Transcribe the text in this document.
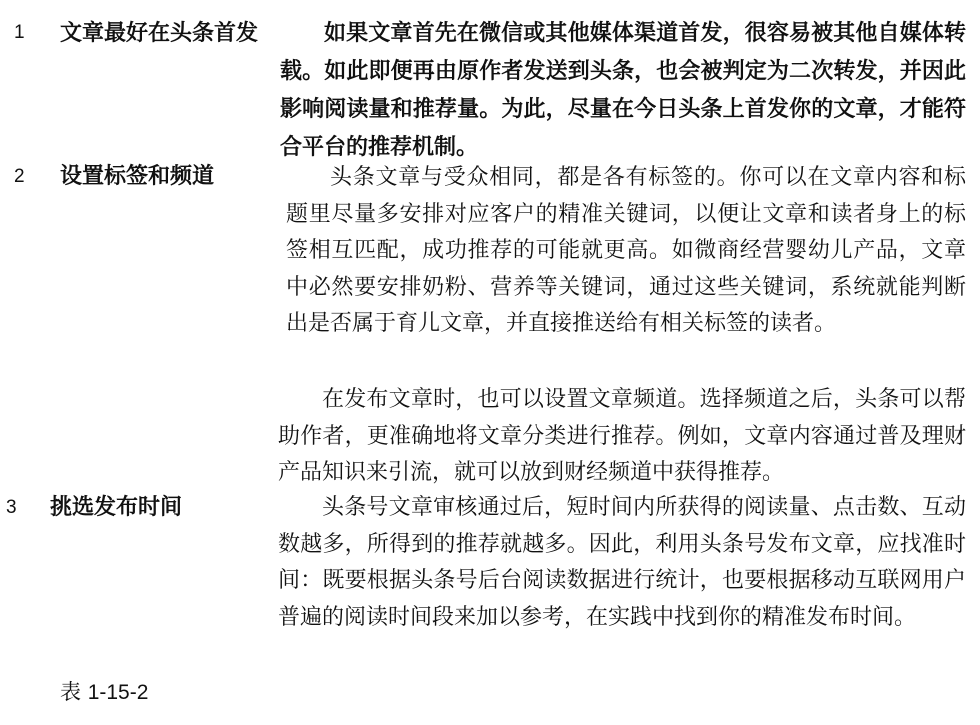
1 文章最好在头条首发	如果文章首先在微信或其他媒体渠道首发，很容易被其他自媒体转载。如此即便再由原作者发送到头条，也会被判定为二次转发，并因此影响阅读量和推荐量。为此，尽量在今日头条上首发你的文章，才能符合平台的推荐机制。

2 设置标签和频道	头条文章与受众相同，都是各有标签的。你可以在文章内容和标题里尽量多安排对应客户的精准关键词，以便让文章和读者身上的标签相互匹配，成功推荐的可能就更高。如微商经营婴幼儿产品，文章中必然要安排奶粉、营养等关键词，通过这些关键词，系统就能判断出是否属于育儿文章，并直接推送给有相关标签的读者。

在发布文章时，也可以设置文章频道。选择频道之后，头条可以帮助作者，更准确地将文章分类进行推荐。例如，文章内容通过普及理财产品知识来引流，就可以放到财经频道中获得推荐。

3 挑选发布时间	头条号文章审核通过后，短时间内所获得的阅读量、点击数、互动数越多，所得到的推荐就越多。因此，利用头条号发布文章，应找准时间：既要根据头条号后台阅读数据进行统计，也要根据移动互联网用户普遍的阅读时间段来加以参考，在实践中找到你的精准发布时间。

表 1-15-2
